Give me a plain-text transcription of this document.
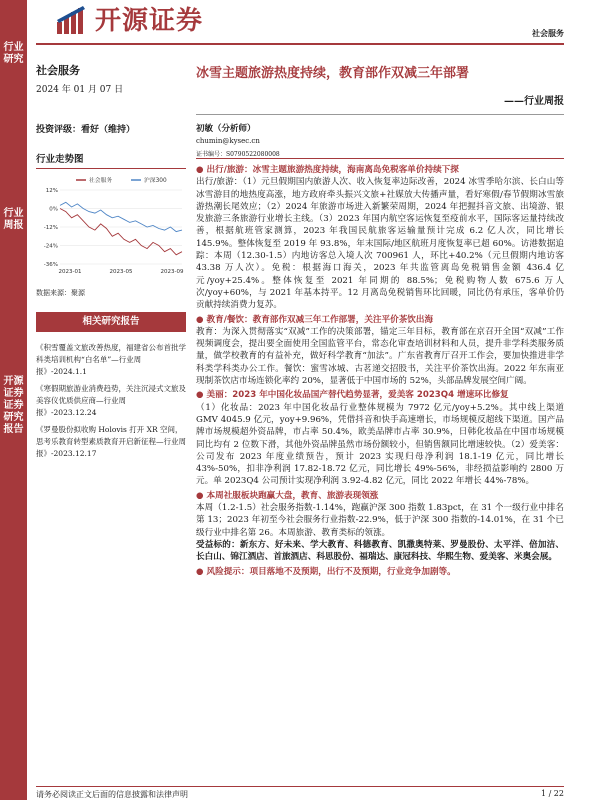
行业研究
行业周报
开源证券 证券研究报告
开源证券	社会服务
社会服务
2024 年 01 月 07 日
投资评级：看好（维持）
行业走势图
12%
0%
-12%
-24%
-36%
2023-01	2023-05	2023-09
社会服务	沪深300
数据来源：聚源
相关研究报告
《积雪覆盖文旅改善热度，福建省公布首批学科类培训机构“白名单”—行业周报》-2024.1.1
《寒假期旅游业消费趋势，关注沉浸式文旅及美容仪优质供应商—行业周报》-2023.12.24
《罗曼股份拟收购 Holovis 打开 XR 空间，思考乐教育转型素质教育开启新征程—行业周报》-2023.12.17
冰雪主题旅游热度持续，教育部作双减三年部署
——行业周报
初敏（分析师）
chumin@kysec.cn
证书编号：S0790522080008
● 出行/旅游：冰雪主题旅游热度持续，海南离岛免税客单价持续下探

出行/旅游：（1）元旦假期国内旅游人次、收入恢复率边际改善，2024 冰雪季哈尔滨、长白山等冰雪游目的地热度高涨，地方政府牵头振兴文旅+社媒放大传播声量，看好寒假/春节假期冰雪旅游热潮长尾效应；（2）2024 年旅游市场进入新繁荣周期，2024 年把握抖音文旅、出境游、银发旅游三条旅游行业增长主线。（3）2023 年国内航空客运恢复至疫前水平，国际客运量持续改善，根据航班管家测算，2023 年我国民航旅客运输量预计完成 6.2 亿人次，同比增长 145.9%。整体恢复至 2019 年 93.8%，年末国际/地区航班月度恢复率已超 60%。访港数据追踪：本周（12.30-1.5）内地访客总入境人次 700961 人，环比+40.2%（元旦假期内地访客 43.38 万人次）。免税：根据海口海关，2023 年共监管离岛免税销售金额 436.4 亿元/yoy+25.4%。整体恢复至 2021 年同期的 88.5%；免税购物人数 675.6 万人次/yoy+60%，与 2021 年基本持平。12 月离岛免税销售环比回暖，同比仍有承压，客单价仍贡献持续消费力复苏。

● 教育/餐饮：教育部作双减三年工作部署，关注平价茶饮出海

教育：为深入贯彻落实“双减”工作的决策部署，锚定三年目标，教育部在京召开全国“双减”工作视频调度会，提出要全面使用全国监管平台，常态化审查培训材料和人员，提升非学科类服务质量，做学校教育的有益补充，做好科学教育“加法”。广东省教育厅召开工作会，要加快推进非学科类学科类办公工作。餐饮：蜜雪冰城、古茗递交招股书，关注平价茶饮出海。2022 年东南亚现制茶饮店市场连锁化率约 20%，显著低于中国市场的 52%，头部品牌发展空间广阔。

● 美丽：2023 年中国化妆品国产替代趋势显著，爱美客 2023Q4 增速环比修复

（1）化妆品：2023 年中国化妆品行业整体规模为 7972 亿元/yoy+5.2%。其中线上渠道 GMV 4045.9 亿元，yoy+9.96%，凭借抖音和快手高速增长，市场规模反超线下渠道。国产品牌市场规模超外资品牌，市占率 50.4%，欧美品牌市占率 30.9%，日韩化妆品在中国市场规模同比均有 2 位数下滑，其他外资品牌虽然市场份额较小，但销售额同比增速较快。（2）爱美客：公司发布 2023 年度业绩预告，预计 2023 实现归母净利润 18.1-19 亿元，同比增长 43%-50%，扣非净利润 17.82-18.72 亿元，同比增长 49%-56%，非经损益影响约 2800 万元。单 2023Q4 公司预计实现净利润 3.92-4.82 亿元，同比 2022 年增长 44%-78%。

● 本周社服板块跑赢大盘，教育、旅游表现领涨

本周（1.2-1.5）社会服务指数-1.14%，跑赢沪深 300 指数 1.83pct，在 31 个一级行业中排名第 13；2023 年初至今社会服务行业指数-22.9%，低于沪深 300 指数的-14.01%，在 31 个已级行业中排名第 26。本周旅游、教育类标的领涨。

受益标的：新东方、好未来、学大教育、科德教育、凯撒奥特莱、罗曼股份、太平洋、倍加洁、长白山、锦江酒店、首旅酒店、科思股份、福瑞达、康冠科技、华熙生物、爱美客、米奥会展。

● 风险提示：项目落地不及预期，出行不及预期，行业竞争加剧等。
请务必阅读正文后面的信息披露和法律声明	1 / 22
